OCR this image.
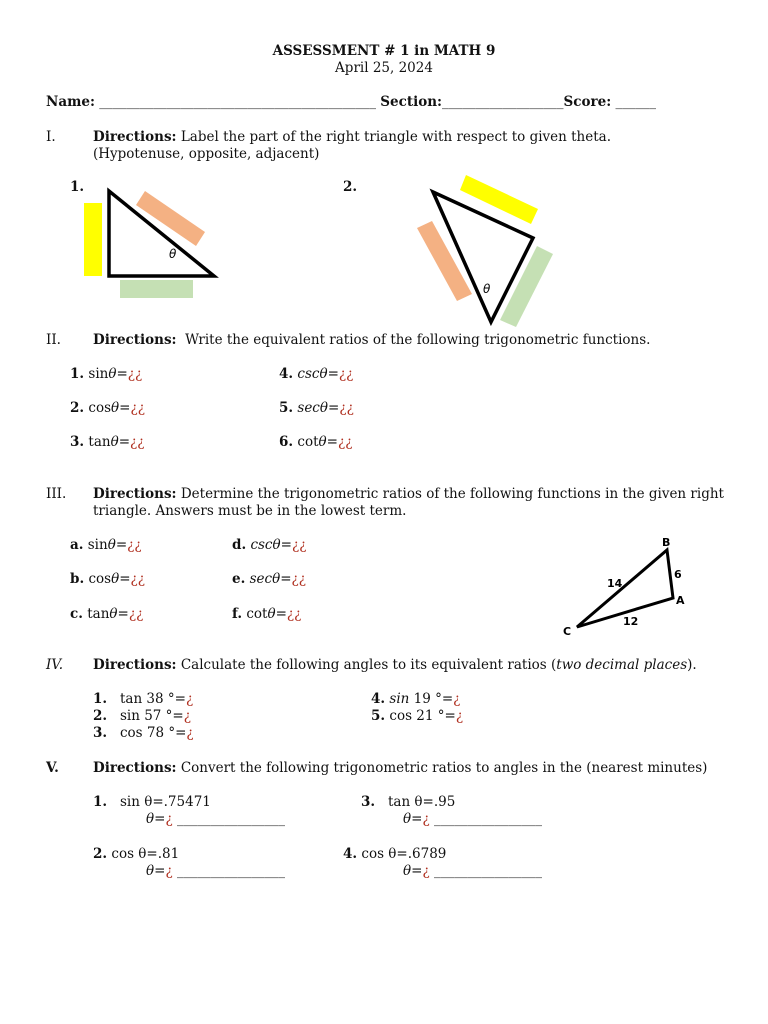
ASSESSMENT # 1 in MATH 9
April 25, 2024
Name: _________________________________________ Section:__________________Score: ______
I.	Directions: Label the part of the right triangle with respect to given theta.
(Hypotenuse, opposite, adjacent)
1.	2.
θ
θ
II. Directions: Write the equivalent ratios of the following trigonometric functions.
1. sinθ=¿¿
2. cosθ=¿¿
3. tanθ=¿¿
4. cscθ=¿¿
5. secθ=¿¿
6. cotθ=¿¿
III. Directions: Determine the trigonometric ratios of the following functions in the given right
triangle. Answers must be in the lowest term.
a. sinθ=¿¿
b. cosθ=¿¿
c. tanθ=¿¿
d. cscθ=¿¿
e. secθ=¿¿
f. cotθ=¿¿
B
A
C
14
6
12
IV. Directions: Calculate the following angles to its equivalent ratios (two decimal places).
1. tan 38 °=¿
2. sin 57 °=¿
3. cos 78 °=¿
4. sin 19 °=¿
5. cos 21 °=¿
V.	Directions: Convert the following trigonometric ratios to angles in the (nearest minutes)
1. sin θ=.75471
θ=¿ ________________
3. tan θ=.95
θ=¿ ________________
2. cos θ=.81
θ=¿ ________________
4. cos θ=.6789
θ=¿ ________________
